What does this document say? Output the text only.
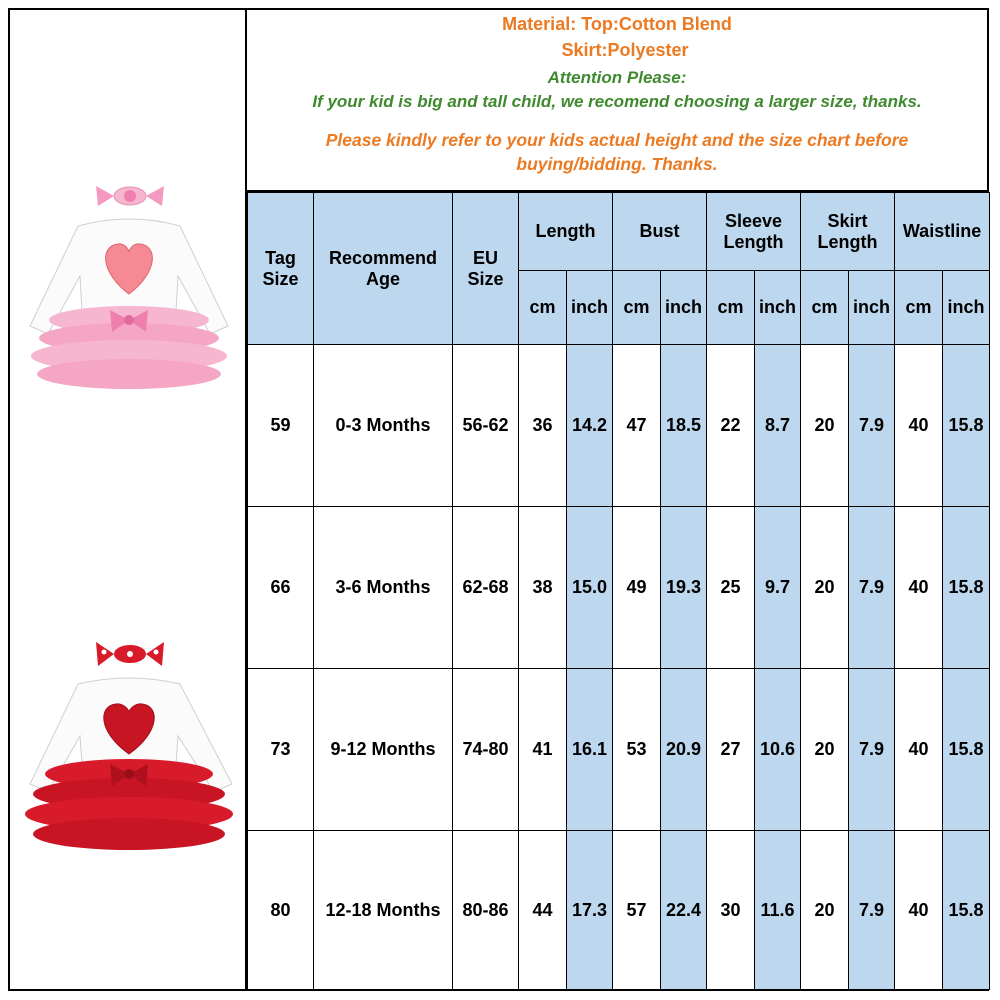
Material: Top:Cotton Blend
Skirt:Polyester
Attention Please:
If your kid is big and tall child, we recomend choosing a larger size, thanks.
Please kindly refer to your kids actual height and the size chart before
buying/bidding. Thanks.
Tag Size	Recommend Age	EU Size	Length		Bust		Sleeve Length		Skirt Length		Waistline	
			cm	inch	cm	inch	cm	inch	cm	inch	cm	inch
59	0-3 Months	56-62	36	14.2	47	18.5	22	8.7	20	7.9	40	15.8
66	3-6 Months	62-68	38	15.0	49	19.3	25	9.7	20	7.9	40	15.8
73	9-12 Months	74-80	41	16.1	53	20.9	27	10.6	20	7.9	40	15.8
80	12-18 Months	80-86	44	17.3	57	22.4	30	11.6	20	7.9	40	15.8
